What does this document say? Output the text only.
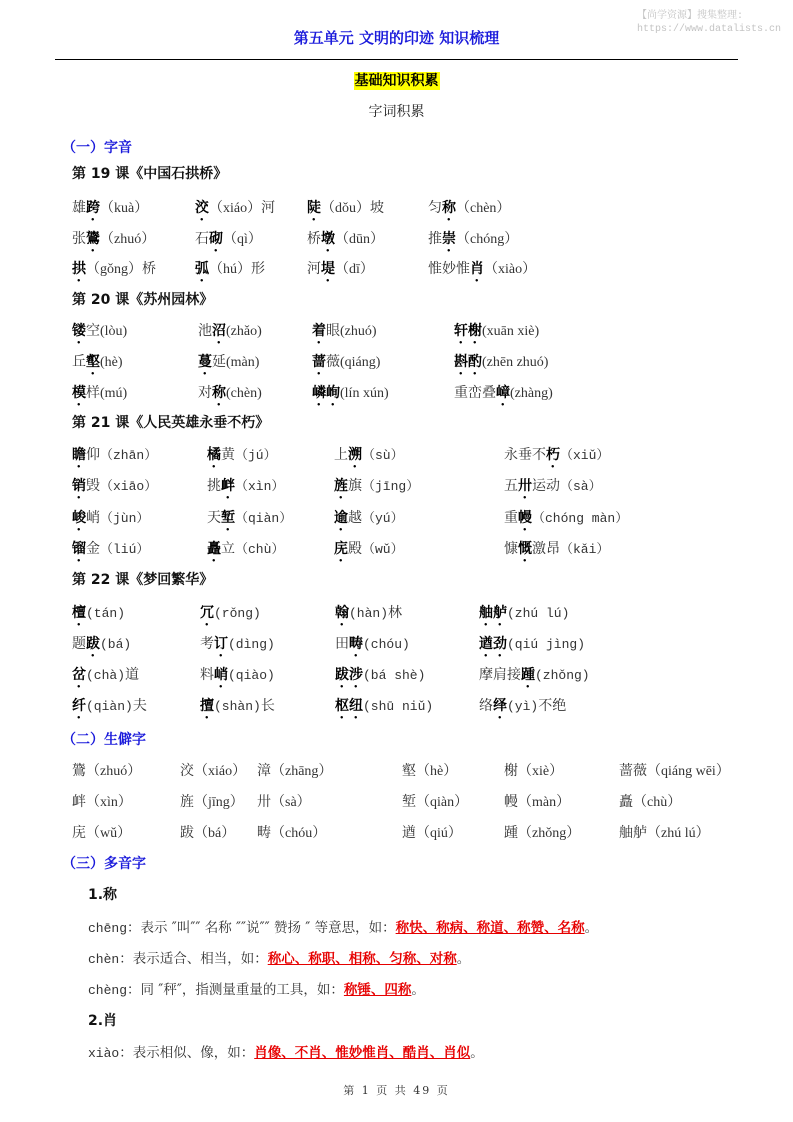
【尚学资源】搜集整理:
https://www.datalists.cn
第五单元 文明的印迹 知识梳理
基础知识积累
字词积累
（一）字音
第 19 课《中国石拱桥》
雄跨（kuà）	洨（xiáo）河 陡（dǒu）坡	匀称（chèn）
张鷟（zhuó）	石砌（qì）	桥墩（dūn）	推崇（chóng）
拱（gǒng）桥	弧（hú）形	河堤（dī）	惟妙惟肖（xiào）
第 20 课《苏州园林》
镂空(lòu)	池沼(zhǎo)	着眼(zhuó)	轩榭(xuān xiè)
丘壑(hè)	蔓延(màn)	蔷薇(qiáng)	斟酌(zhēn zhuó)
模样(mú)	对称(chèn)	嶙峋(lín xún)	重峦叠嶂(zhàng)
第 21 课《人民英雄永垂不朽》
瞻仰（zhān）	橘黄（jú）	上溯（sù）	永垂不朽（xiǔ）
销毁（xiāo）	挑衅（xìn）	旌旗（jīng）	五卅运动（sà）
峻峭（jùn）	天堑（qiàn）	逾越（yú）	重幔（chóng màn）
镏金（liú）	矗立（chù）	庑殿（wǔ）	慷慨激昂（kǎi）
第 22 课《梦回繁华》
檀(tán)	冗(rǒng)	翰(hàn)林	舳舻(zhú lú)
题跋(bá)	考订(dìng)	田畴(chóu)	遒劲(qiú jìng)
岔(chà)道	料峭(qiào)	跋涉(bá shè)	摩肩接踵(zhǒng)
纤(qiàn)夫	擅(shàn)长	枢纽(shū niǔ)	络绎(yì)不绝
（二）生僻字
鷟（zhuó）	洨（xiáo） 漳（zhāng）	壑（hè）	榭（xiè）	蔷薇（qiáng wēi）
衅（xìn）	旌（jīng） 卅（sà）	堑（qiàn）	幔（màn）	矗（chù）
庑（wǔ）	跋（bá） 畴（chóu）	遒（qiú）	踵（zhǒng）	舳舻（zhú lú）
（三）多音字
1.称
chēng：表示 ″叫″″ 名称 ″″说″″ 赞扬 ″ 等意思，如：称快、称病、称道、称赞、名称。
chèn：表示适合、相当，如：称心、称职、相称、匀称、对称。
chèng：同 ″秤″，指测量重量的工具，如：称锤、四称。
2.肖
xiào：表示相似、像，如：肖像、不肖、惟妙惟肖、酷肖、肖似。
第 1 页 共 49 页
